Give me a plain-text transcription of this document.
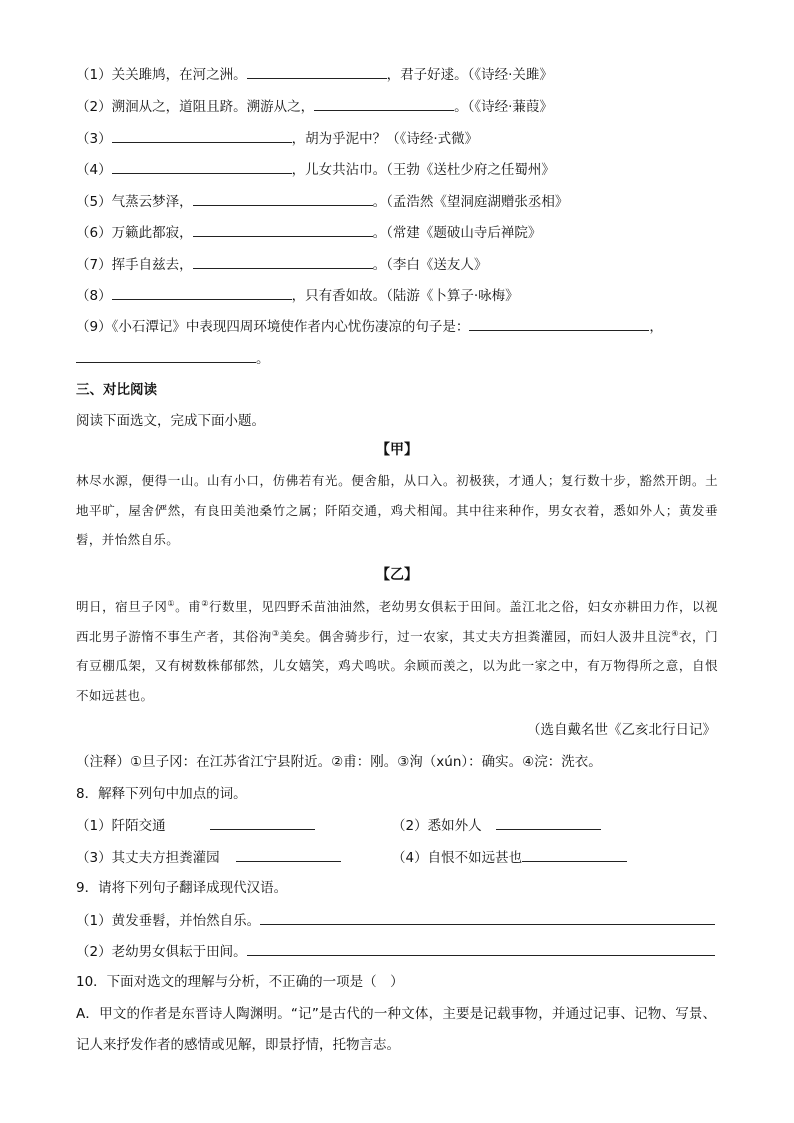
（1）关关雎鸠，在河之洲。	，君子好逑。（《诗经·关雎》
（2）溯洄从之，道阻且跻。溯游从之，	。（《诗经·蒹葭》
（3）	，胡为乎泥中？（《诗经·式微》
（4）	，儿女共沾巾。（王勃《送杜少府之任蜀州》
（5）气蒸云梦泽，	。（孟浩然《望洞庭湖赠张丞相》
（6）万籁此都寂，	。（常建《题破山寺后禅院》
（7）挥手自兹去，	。（李白《送友人》
（8）	，只有香如故。（陆游《卜算子·咏梅》
（9）《小石潭记》中表现四周环境使作者内心忧伤凄凉的句子是：	，
。
三、对比阅读
阅读下面选文，完成下面小题。
【甲】
林尽水源，便得一山。山有小口，仿佛若有光。便舍船，从口入。初极狭，才通人；复行数十步，豁然开朗。土地平旷，屋舍俨然，有良田美池桑竹之属；阡陌交通，鸡犬相闻。其中往来种作，男女衣着，悉如外人；黄发垂髫，并怡然自乐。
【乙】
明日，宿旦子冈①。甫②行数里，见四野禾苗油油然，老幼男女俱耘于田间。盖江北之俗，妇女亦耕田力作，以视西北男子游惰不事生产者，其俗洵③美矣。偶舍骑步行，过一农家，其丈夫方担粪灌园，而妇人汲井且浣④衣，门有豆棚瓜架，又有树数株郁郁然，儿女嬉笑，鸡犬鸣吠。余顾而羡之，以为此一家之中，有万物得所之意，自恨不如远甚也。
（选自戴名世《乙亥北行日记》
（注释）①旦子冈：在江苏省江宁县附近。②甫：刚。③洵（xún）：确实。④浣：洗衣。
8．解释下列句中加点的词。
（1）阡陌交通	（2）悉如外人
（3）其丈夫方担粪灌园	（4）自恨不如远甚也
9．请将下列句子翻译成现代汉语。
（1）黄发垂髫，并怡然自乐。
（2）老幼男女俱耘于田间。
10．下面对选文的理解与分析，不正确的一项是（　）
A．甲文的作者是东晋诗人陶渊明。“记”是古代的一种文体，主要是记载事物，并通过记事、记物、写景、
记人来抒发作者的感情或见解，即景抒情，托物言志。
